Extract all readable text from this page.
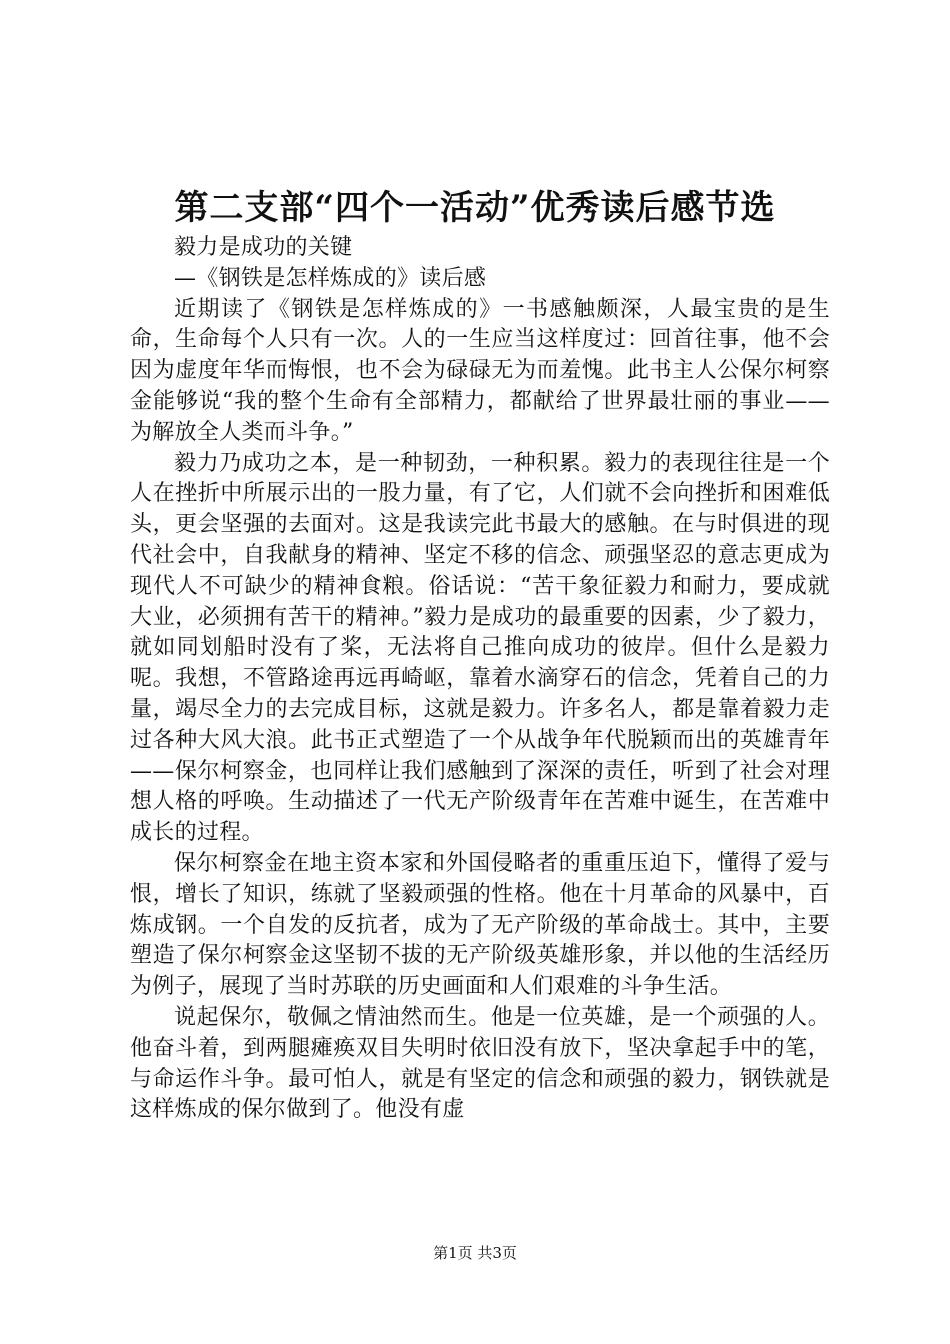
第二支部“四个一活动”优秀读后感节选

毅力是成功的关键

—《钢铁是怎样炼成的》读后感

近期读了《钢铁是怎样炼成的》一书感触颇深，人最宝贵的是生命，生命每个人只有一次。人的一生应当这样度过：回首往事，他不会因为虚度年华而悔恨，也不会为碌碌无为而羞愧。此书主人公保尔柯察金能够说“我的整个生命有全部精力，都献给了世界最壮丽的事业——为解放全人类而斗争。”

毅力乃成功之本，是一种韧劲，一种积累。毅力的表现往往是一个人在挫折中所展示出的一股力量，有了它，人们就不会向挫折和困难低头，更会坚强的去面对。这是我读完此书最大的感触。在与时俱进的现代社会中，自我献身的精神、坚定不移的信念、顽强坚忍的意志更成为现代人不可缺少的精神食粮。俗话说：“苦干象征毅力和耐力，要成就大业，必须拥有苦干的精神。”毅力是成功的最重要的因素，少了毅力，就如同划船时没有了桨，无法将自己推向成功的彼岸。但什么是毅力呢。我想，不管路途再远再崎岖，靠着水滴穿石的信念，凭着自己的力量，竭尽全力的去完成目标，这就是毅力。许多名人，都是靠着毅力走过各种大风大浪。此书正式塑造了一个从战争年代脱颖而出的英雄青年——保尔柯察金，也同样让我们感触到了深深的责任，听到了社会对理想人格的呼唤。生动描述了一代无产阶级青年在苦难中诞生，在苦难中成长的过程。

保尔柯察金在地主资本家和外国侵略者的重重压迫下，懂得了爱与恨，增长了知识，练就了坚毅顽强的性格。他在十月革命的风暴中，百炼成钢。一个自发的反抗者，成为了无产阶级的革命战士。其中，主要塑造了保尔柯察金这坚韧不拔的无产阶级英雄形象，并以他的生活经历为例子，展现了当时苏联的历史画面和人们艰难的斗争生活。

说起保尔，敬佩之情油然而生。他是一位英雄，是一个顽强的人。他奋斗着，到两腿瘫痪双目失明时依旧没有放下，坚决拿起手中的笔，与命运作斗争。最可怕人，就是有坚定的信念和顽强的毅力，钢铁就是这样炼成的保尔做到了。他没有虚

第1页 共3页
